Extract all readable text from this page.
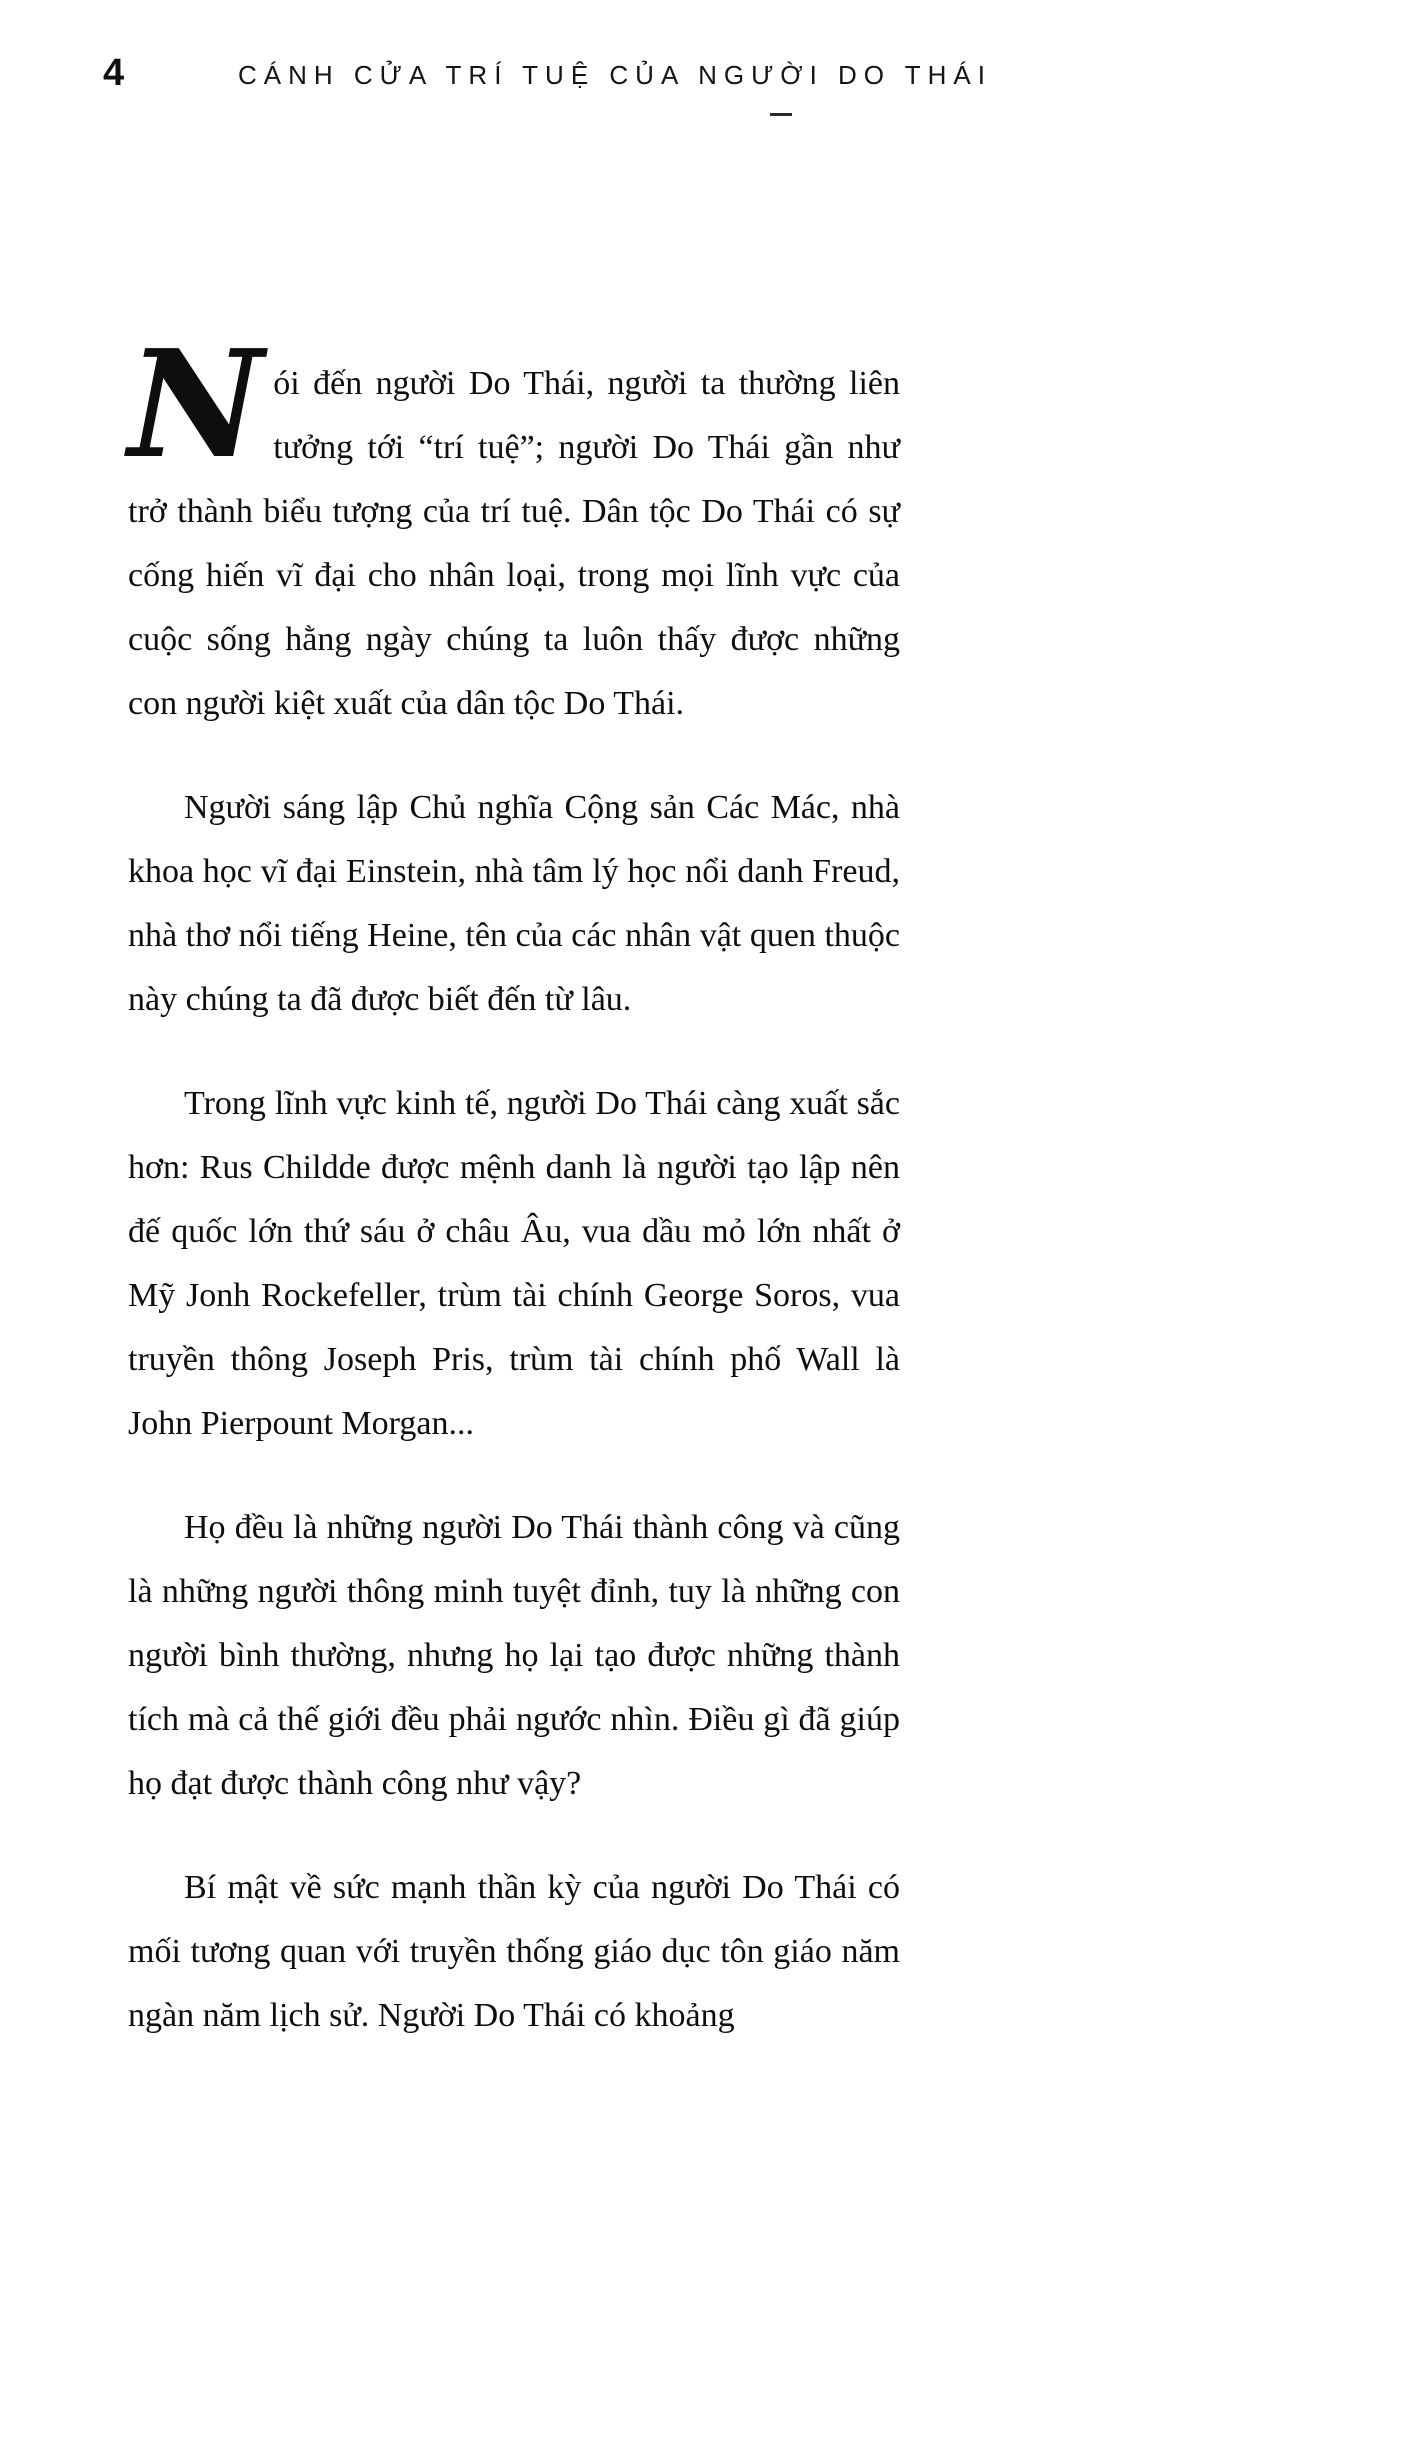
4	CÁNH CỬA TRÍ TUỆ CỦA NGƯỜI DO THÁI

Nói đến người Do Thái, người ta thường liên tưởng tới “trí tuệ”; người Do Thái gần như trở thành biểu tượng của trí tuệ. Dân tộc Do Thái có sự cống hiến vĩ đại cho nhân loại, trong mọi lĩnh vực của cuộc sống hằng ngày chúng ta luôn thấy được những con người kiệt xuất của dân tộc Do Thái.

Người sáng lập Chủ nghĩa Cộng sản Các Mác, nhà khoa học vĩ đại Einstein, nhà tâm lý học nổi danh Freud, nhà thơ nổi tiếng Heine, tên của các nhân vật quen thuộc này chúng ta đã được biết đến từ lâu.

Trong lĩnh vực kinh tế, người Do Thái càng xuất sắc hơn: Rus Childde được mệnh danh là người tạo lập nên đế quốc lớn thứ sáu ở châu Âu, vua dầu mỏ lớn nhất ở Mỹ Jonh Rockefeller, trùm tài chính George Soros, vua truyền thông Joseph Pris, trùm tài chính phố Wall là John Pierpount Morgan...

Họ đều là những người Do Thái thành công và cũng là những người thông minh tuyệt đỉnh, tuy là những con người bình thường, nhưng họ lại tạo được những thành tích mà cả thế giới đều phải ngước nhìn. Điều gì đã giúp họ đạt được thành công như vậy?

Bí mật về sức mạnh thần kỳ của người Do Thái có mối tương quan với truyền thống giáo dục tôn giáo năm ngàn năm lịch sử. Người Do Thái có khoảng
